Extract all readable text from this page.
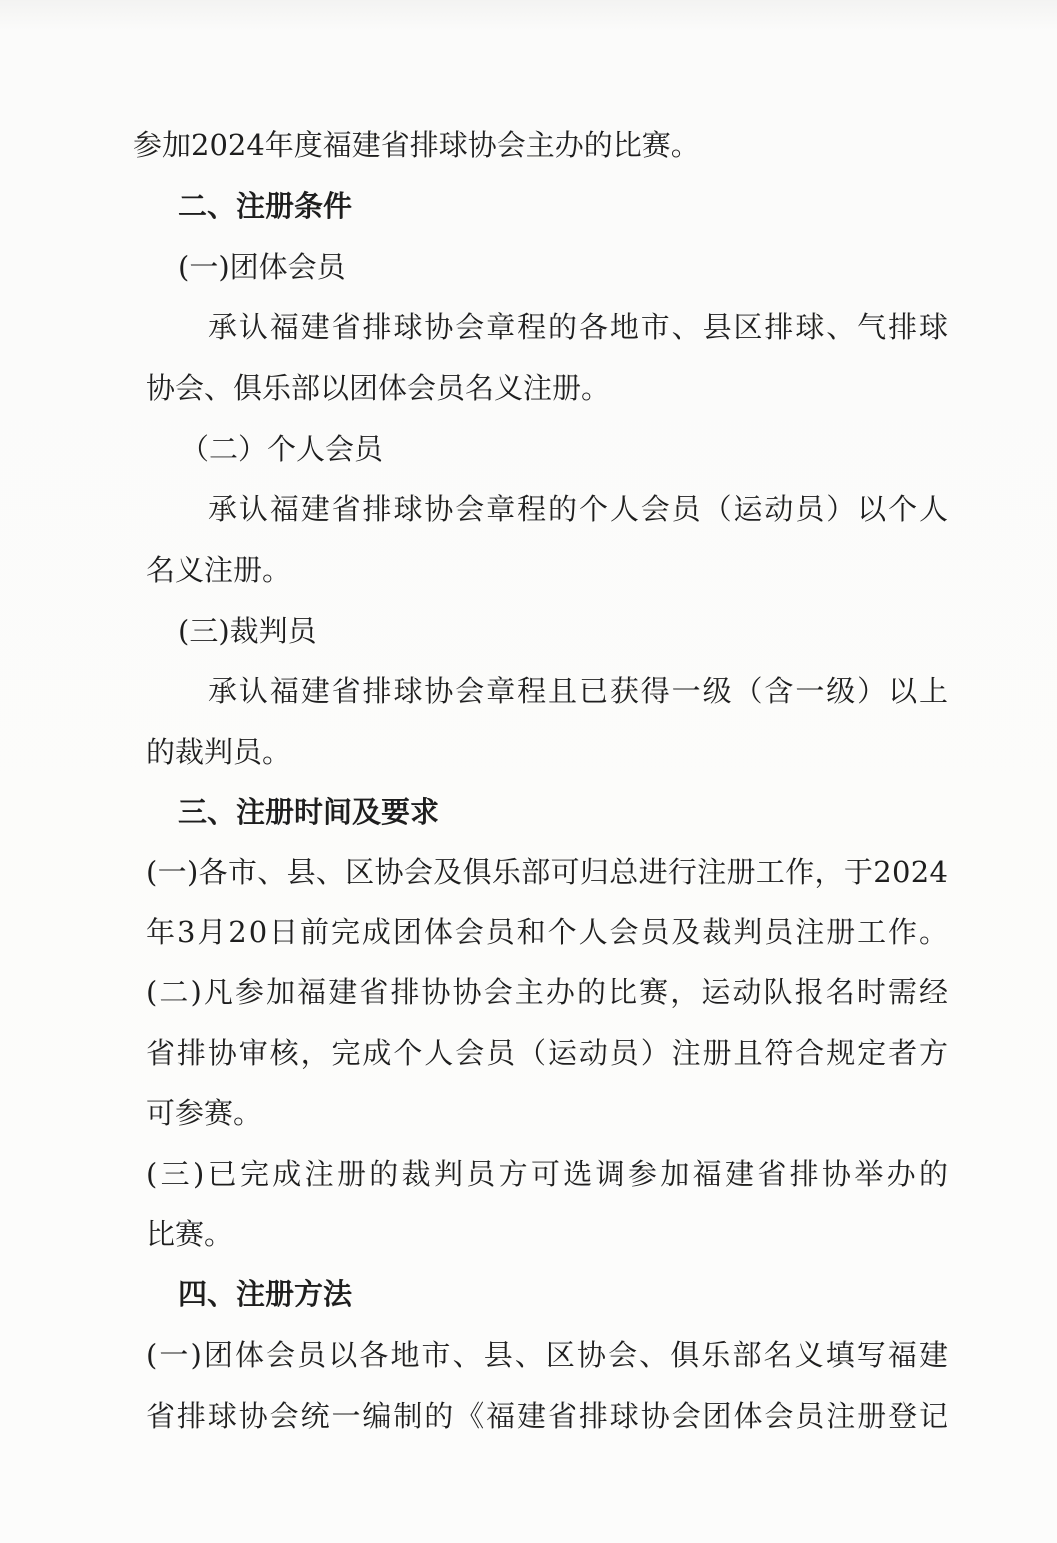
参加2024年度福建省排球协会主办的比赛。
二、注册条件
(一)团体会员
承认福建省排球协会章程的各地市、县区排球、气排球
协会、俱乐部以团体会员名义注册。
（二）个人会员
承认福建省排球协会章程的个人会员（运动员）以个人
名义注册。
(三)裁判员
承认福建省排球协会章程且已获得一级（含一级）以上
的裁判员。
三、注册时间及要求
(一)各市、县、区协会及俱乐部可归总进行注册工作，于2024
年3月20日前完成团体会员和个人会员及裁判员注册工作。
(二)凡参加福建省排协协会主办的比赛，运动队报名时需经
省排协审核，完成个人会员（运动员）注册且符合规定者方
可参赛。
(三)已完成注册的裁判员方可选调参加福建省排协举办的
比赛。
四、注册方法
(一)团体会员以各地市、县、区协会、俱乐部名义填写福建
省排球协会统一编制的《福建省排球协会团体会员注册登记
